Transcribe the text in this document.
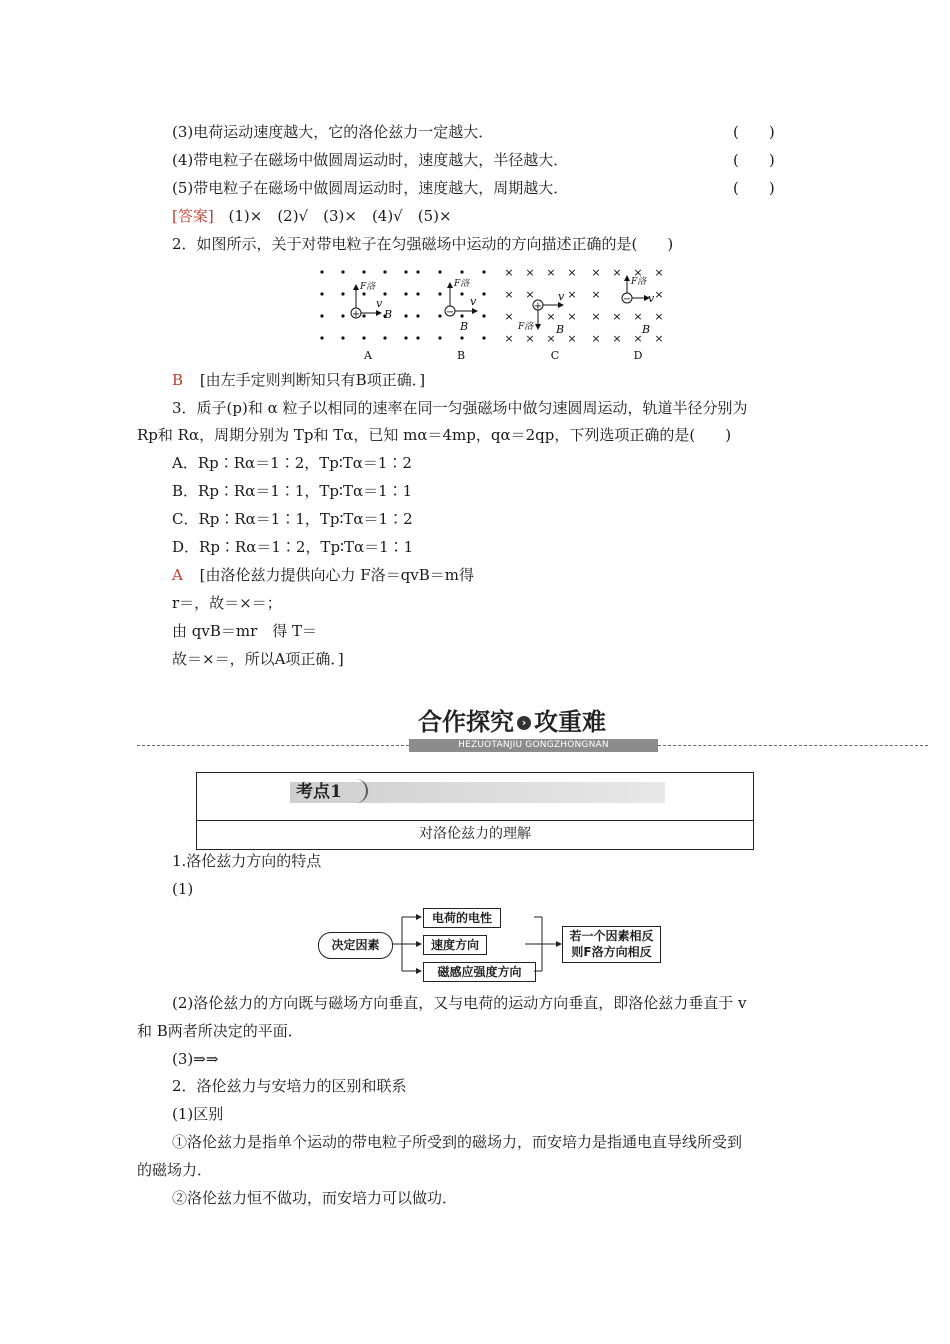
(3)电荷运动速度越大，它的洛伦兹力一定越大．	(　　)
(4)带电粒子在磁场中做圆周运动时，速度越大，半径越大．	(　　)
(5)带电粒子在磁场中做圆周运动时，速度越大，周期越大．	(　　)
[答案] (1)×　(2)√　(3)×　(4)√　(5)×
2．如图所示，关于对带电粒子在匀强磁场中运动的方向描述正确的是(　　)
+
F洛
v
B
A
−
F洛
v
B
B
× × × ×
× ×	×
×	× ×
× × × ×
+
v
F洛 B
C
× × × ×
×	×
× × × ×
× × × ×
−
F洛
v
B
D
B [由左手定则判断知只有B项正确．]
3．质子(p)和 α 粒子以相同的速率在同一匀强磁场中做匀速圆周运动，轨道半径分别为
Rp和 Rα，周期分别为 Tp和 Tα，已知 mα＝4mp，qα＝2qp，下列选项正确的是(　　)
A．Rp∶Rα＝1∶2，Tp∶Tα＝1∶2
B．Rp∶Rα＝1∶1，Tp∶Tα＝1∶1
C．Rp∶Rα＝1∶1，Tp∶Tα＝1∶2
D．Rp∶Rα＝1∶2，Tp∶Tα＝1∶1
A [由洛伦兹力提供向心力 F洛＝qvB＝m得
r＝，故＝×＝；
由 qvB＝mr　得 T＝
故＝×＝，所以A项正确．]
合作探究 › 攻重难
HEZUOTANJIU GONGZHONGNAN
考点1
对洛伦兹力的理解
1.洛伦兹力方向的特点
(1)
决定因素
电荷的电性
速度方向
磁感应强度方向
若一个因素相反
则F洛方向相反
(2)洛伦兹力的方向既与磁场方向垂直，又与电荷的运动方向垂直，即洛伦兹力垂直于 v
和 B两者所决定的平面．
(3)⇒⇒
2．洛伦兹力与安培力的区别和联系
(1)区别
①洛伦兹力是指单个运动的带电粒子所受到的磁场力，而安培力是指通电直导线所受到
的磁场力．
②洛伦兹力恒不做功，而安培力可以做功．
